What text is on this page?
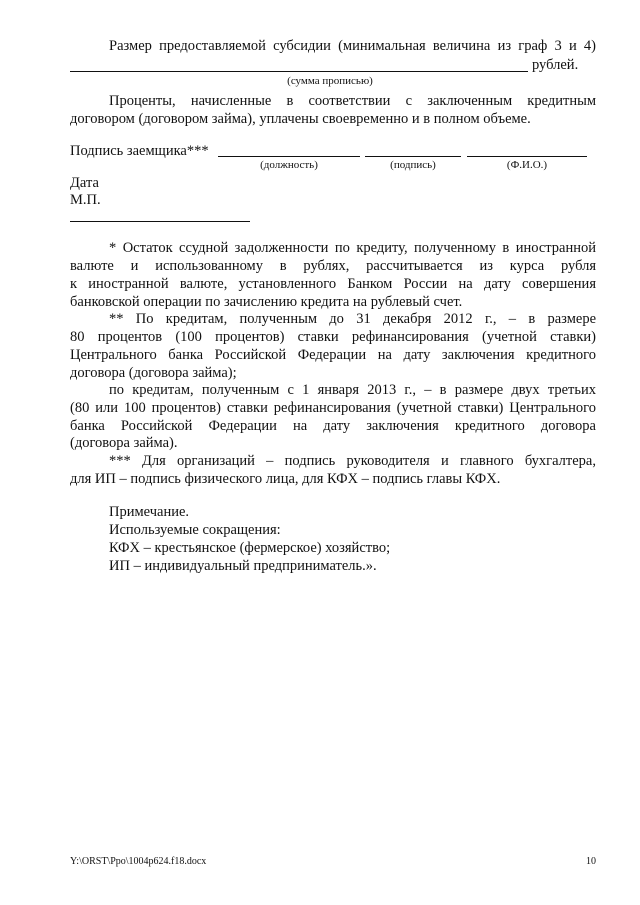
Размер предоставляемой субсидии (минимальная величина из граф 3 и 4)
рублей.
(сумма прописью)
Проценты, начисленные в соответствии с заключенным кредитным
договором (договором займа), уплачены своевременно и в полном объеме.
Подпись заемщика***
(должность)	(подпись)	(Ф.И.О.)
Дата
М.П.
* Остаток ссудной задолженности по кредиту, полученному в иностранной
валюте и использованному в рублях, рассчитывается из курса рубля
к иностранной валюте, установленного Банком России на дату совершения
банковской операции по зачислению кредита на рублевый счет.
** По кредитам, полученным до 31 декабря 2012 г., – в размере
80 процентов (100 процентов) ставки рефинансирования (учетной ставки)
Центрального банка Российской Федерации на дату заключения кредитного
договора (договора займа);
по кредитам, полученным с 1 января 2013 г., – в размере двух третьих
(80 или 100 процентов) ставки рефинансирования (учетной ставки) Центрального
банка Российской Федерации на дату заключения кредитного договора
(договора займа).
*** Для организаций – подпись руководителя и главного бухгалтера,
для ИП – подпись физического лица, для КФХ – подпись главы КФХ.
Примечание.
Используемые сокращения:
КФХ – крестьянское (фермерское) хозяйство;
ИП – индивидуальный предприниматель.».
Y:\ORST\Ppo\1004p624.f18.docx	10
